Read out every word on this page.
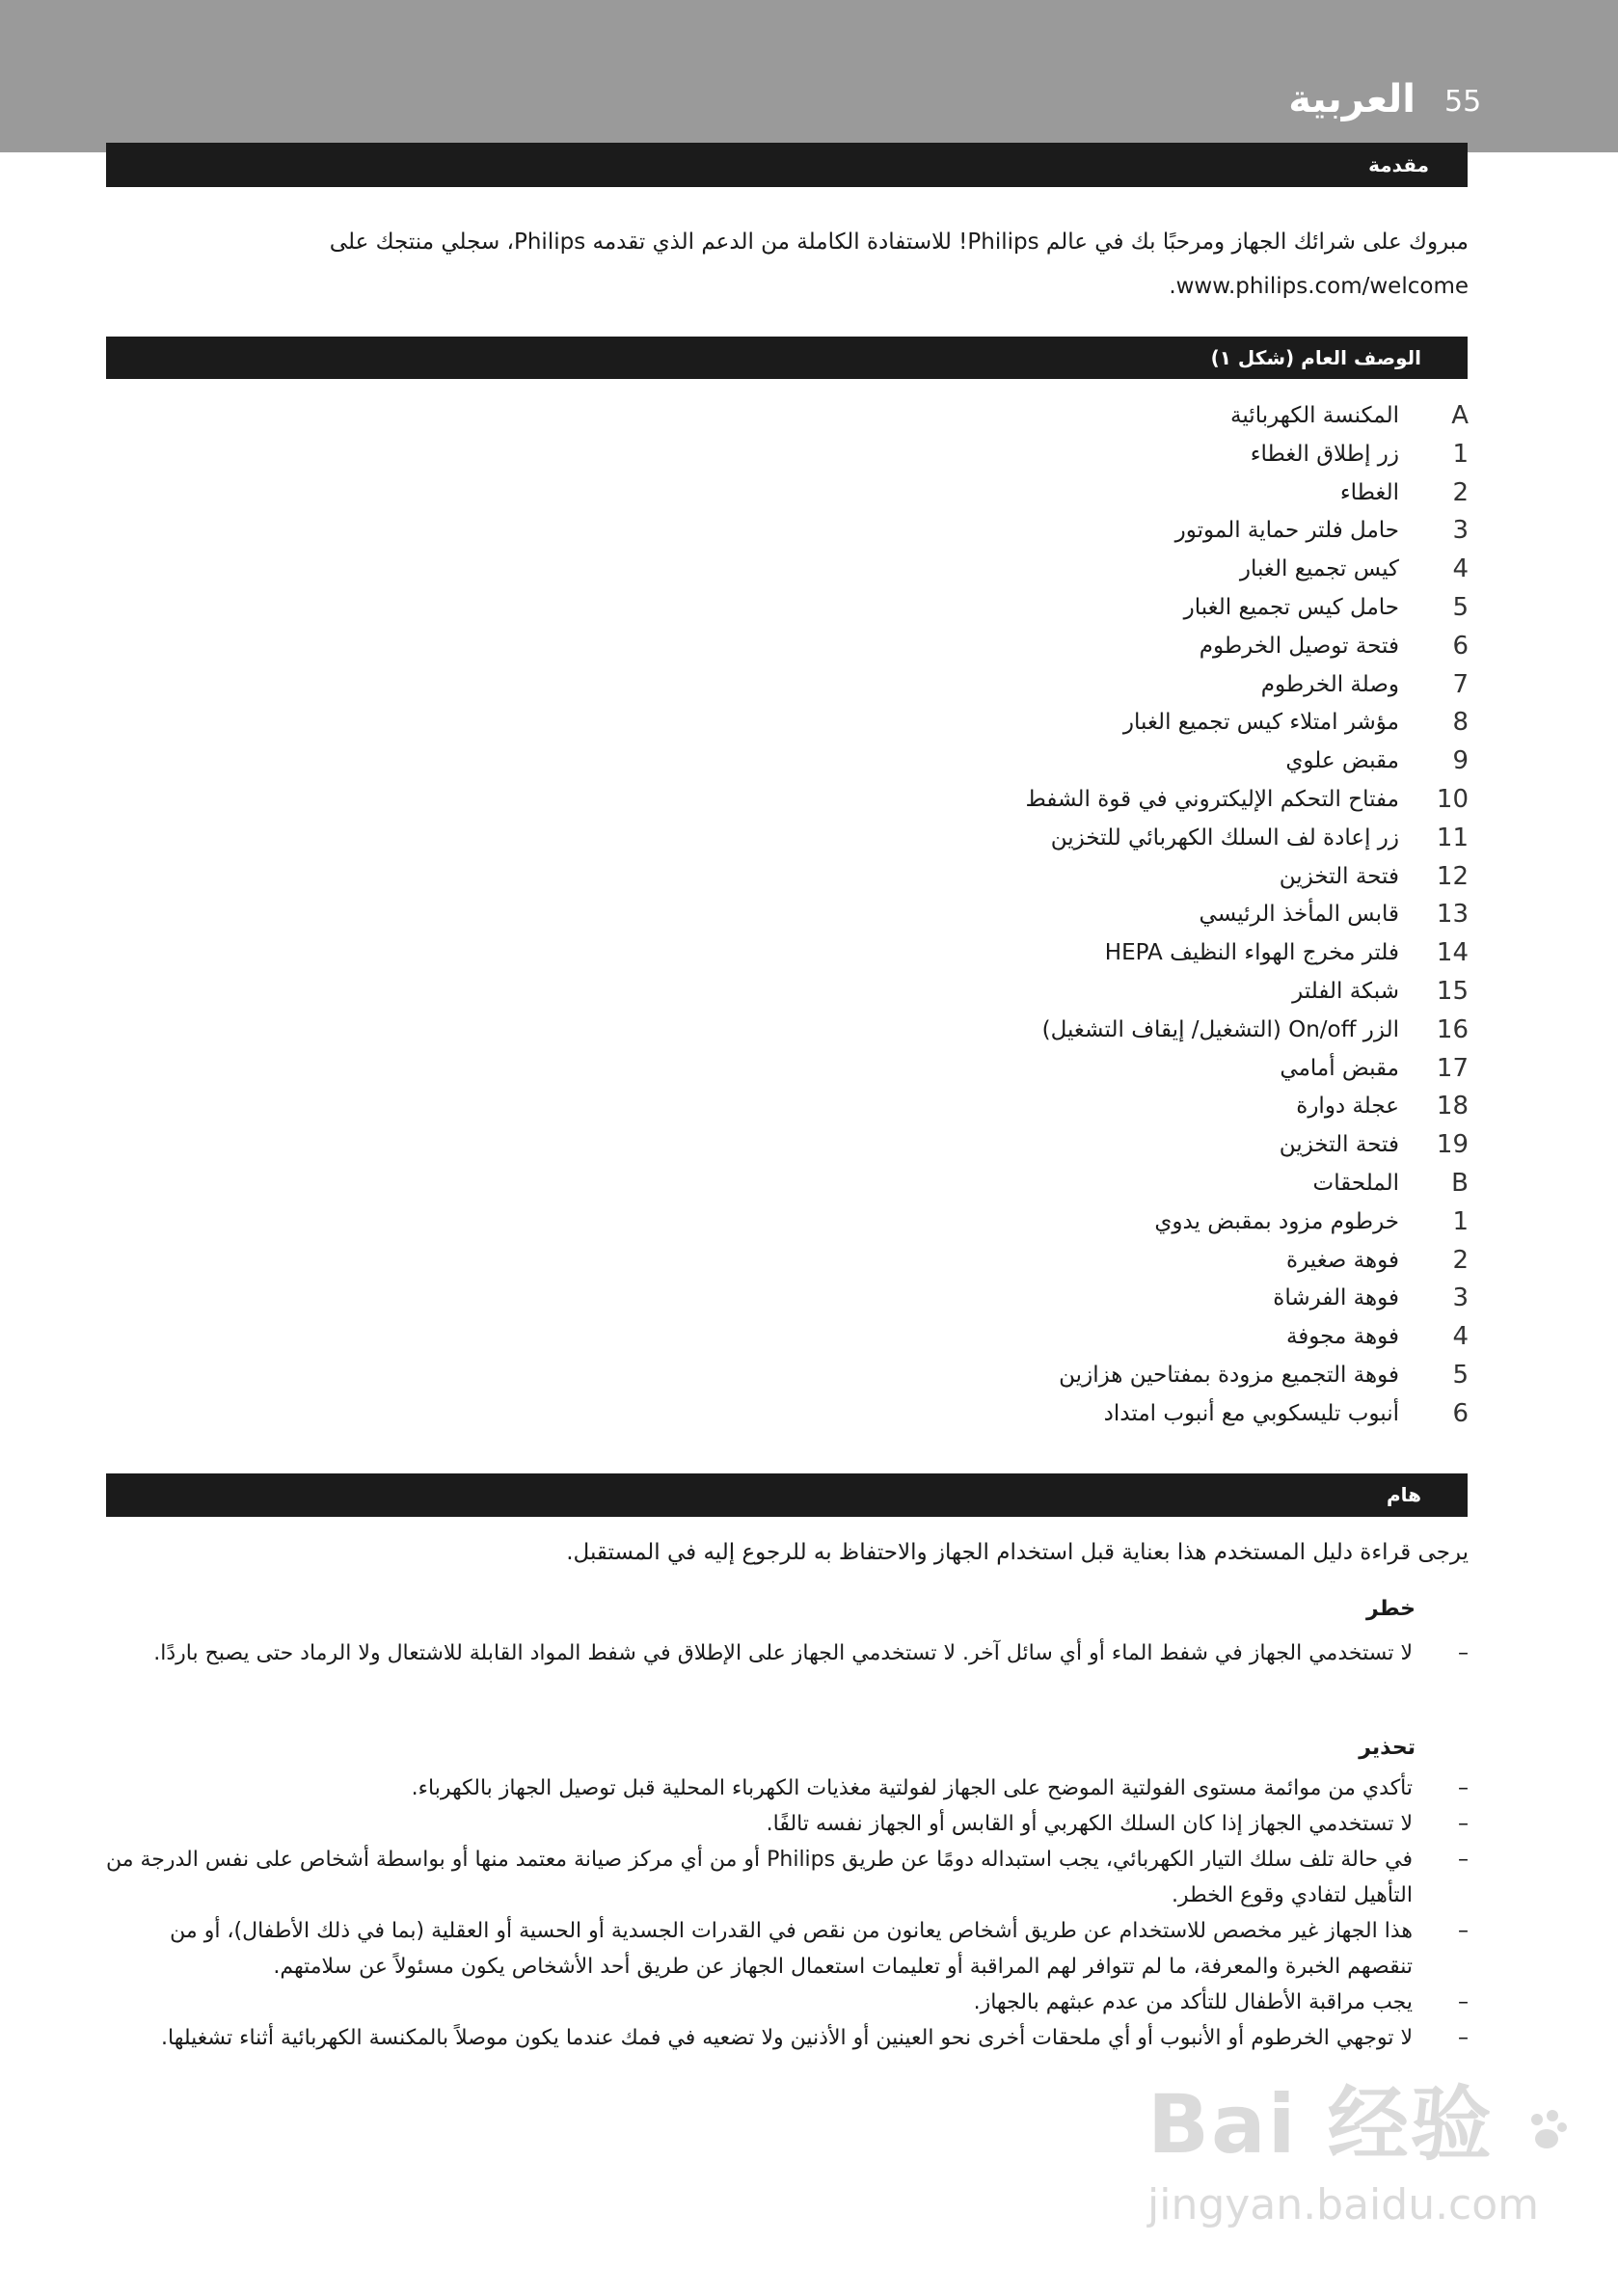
55
العربية
مقدمة
مبروك على شرائك الجهاز ومرحبًا بك في عالم Philips! للاستفادة الكاملة من الدعم الذي تقدمه Philips، سجلي منتجك على www.philips.com/welcome.
الوصف العام (شكل ١)
A
المكنسة الكهربائية
1
زر إطلاق الغطاء
2
الغطاء
3
حامل فلتر حماية الموتور
4
كيس تجميع الغبار
5
حامل كيس تجميع الغبار
6
فتحة توصيل الخرطوم
7
وصلة الخرطوم
8
مؤشر امتلاء كيس تجميع الغبار
9
مقبض علوي
10
مفتاح التحكم الإليكتروني في قوة الشفط
11
زر إعادة لف السلك الكهربائي للتخزين
12
فتحة التخزين
13
قابس المأخذ الرئيسي
14
فلتر مخرج الهواء النظيف HEPA
15
شبكة الفلتر
16
الزر On/off (التشغيل/ إيقاف التشغيل)
17
مقبض أمامي
18
عجلة دوارة
19
فتحة التخزين
B
الملحقات
1
خرطوم مزود بمقبض يدوي
2
فوهة صغيرة
3
فوهة الفرشاة
4
فوهة مجوفة
5
فوهة التجميع مزودة بمفتاحين هزازين
6
أنبوب تليسكوبي مع أنبوب امتداد
هام
يرجى قراءة دليل المستخدم هذا بعناية قبل استخدام الجهاز والاحتفاظ به للرجوع إليه في المستقبل.
خطر
–
لا تستخدمي الجهاز في شفط الماء أو أي سائل آخر. لا تستخدمي الجهاز على الإطلاق في شفط المواد القابلة للاشتعال ولا الرماد حتى يصبح باردًا.
تحذير
–
تأكدي من موائمة مستوى الفولتية الموضح على الجهاز لفولتية مغذيات الكهرباء المحلية قبل توصيل الجهاز بالكهرباء.
–
لا تستخدمي الجهاز إذا كان السلك الكهربي أو القابس أو الجهاز نفسه تالفًا.
–
في حالة تلف سلك التيار الكهربائي، يجب استبداله دومًا عن طريق Philips أو من أي مركز صيانة معتمد منها أو بواسطة أشخاص على نفس الدرجة من التأهيل لتفادي وقوع الخطر.
–
هذا الجهاز غير مخصص للاستخدام عن طريق أشخاص يعانون من نقص في القدرات الجسدية أو الحسية أو العقلية (بما في ذلك الأطفال)، أو من تنقصهم الخبرة والمعرفة، ما لم تتوافر لهم المراقبة أو تعليمات استعمال الجهاز عن طريق أحد الأشخاص يكون مسئولاً عن سلامتهم.
–
يجب مراقبة الأطفال للتأكد من عدم عبثهم بالجهاز.
–
لا توجهي الخرطوم أو الأنبوب أو أي ملحقات أخرى نحو العينين أو الأذنين ولا تضعيه في فمك عندما يكون موصلاً بالمكنسة الكهربائية أثناء تشغيلها.
Bai 经验
jingyan.baidu.com
